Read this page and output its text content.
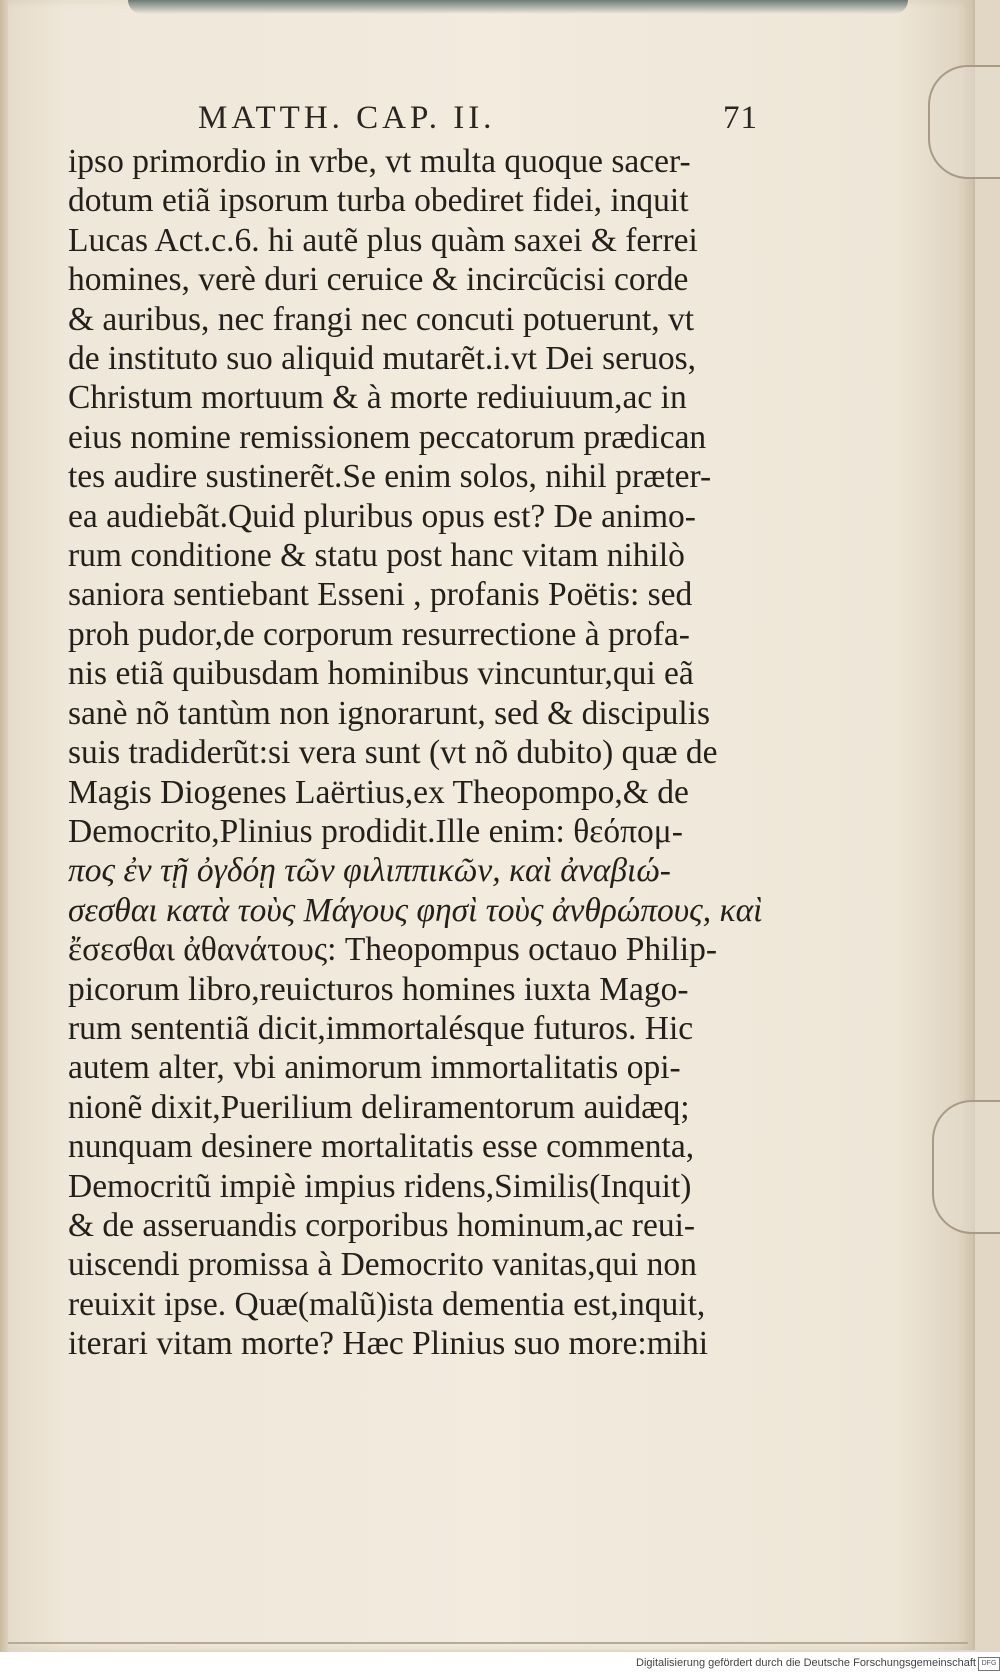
MATTH. CAP. II.	71
ipso primordio in vrbe, vt multa quoque sacer-
dotum etiã ipsorum turba obediret fidei, inquit
Lucas Act.c.6. hi autẽ plus quàm saxei & ferrei
homines, verè duri ceruice & incircũcisi corde
& auribus, nec frangi nec concuti potuerunt, vt
de instituto suo aliquid mutarẽt.i.vt Dei seruos,
Christum mortuum & à morte rediuiuum,ac in
eius nomine remissionem peccatorum prædican
tes audire sustinerẽt.Se enim solos, nihil præter-
ea audiebãt.Quid pluribus opus est? De animo-
rum conditione & statu post hanc vitam nihilò
saniora sentiebant Esseni , profanis Poëtis: sed
proh pudor,de corporum resurrectione à profa-
nis etiã quibusdam hominibus vincuntur,qui eã
sanè nõ tantùm non ignorarunt, sed & discipulis
suis tradiderũt:si vera sunt (vt nõ dubito) quæ de
Magis Diogenes Laërtius,ex Theopompo,& de
Democrito,Plinius prodidit.Ille enim: θεόπομ-
πος ἐν τῇ ὀγδόῃ τῶν φιλιππικῶν, καὶ ἀναβιώ-
σεσθαι κατὰ τοὺς Μάγους φησὶ τοὺς ἀνθρώπους, καὶ
ἔσεσθαι ἀθανάτους: Theopompus octauo Philip-
picorum libro,reuicturos homines iuxta Mago-
rum sententiã dicit,immortalésque futuros. Hic
autem alter, vbi animorum immortalitatis opi-
nionẽ dixit,Puerilium deliramentorum auidæq;
nunquam desinere mortalitatis esse commenta,
Democritũ impiè impius ridens,Similis(Inquit)
& de asseruandis corporibus hominum,ac reui-
uiscendi promissa à Democrito vanitas,qui non
reuixit ipse. Quæ(malũ)ista dementia est,inquit,
iterari vitam morte? Hæc Plinius suo more:mihi
Digitalisierung gefördert durch die Deutsche Forschungsgemeinschaft DFG
